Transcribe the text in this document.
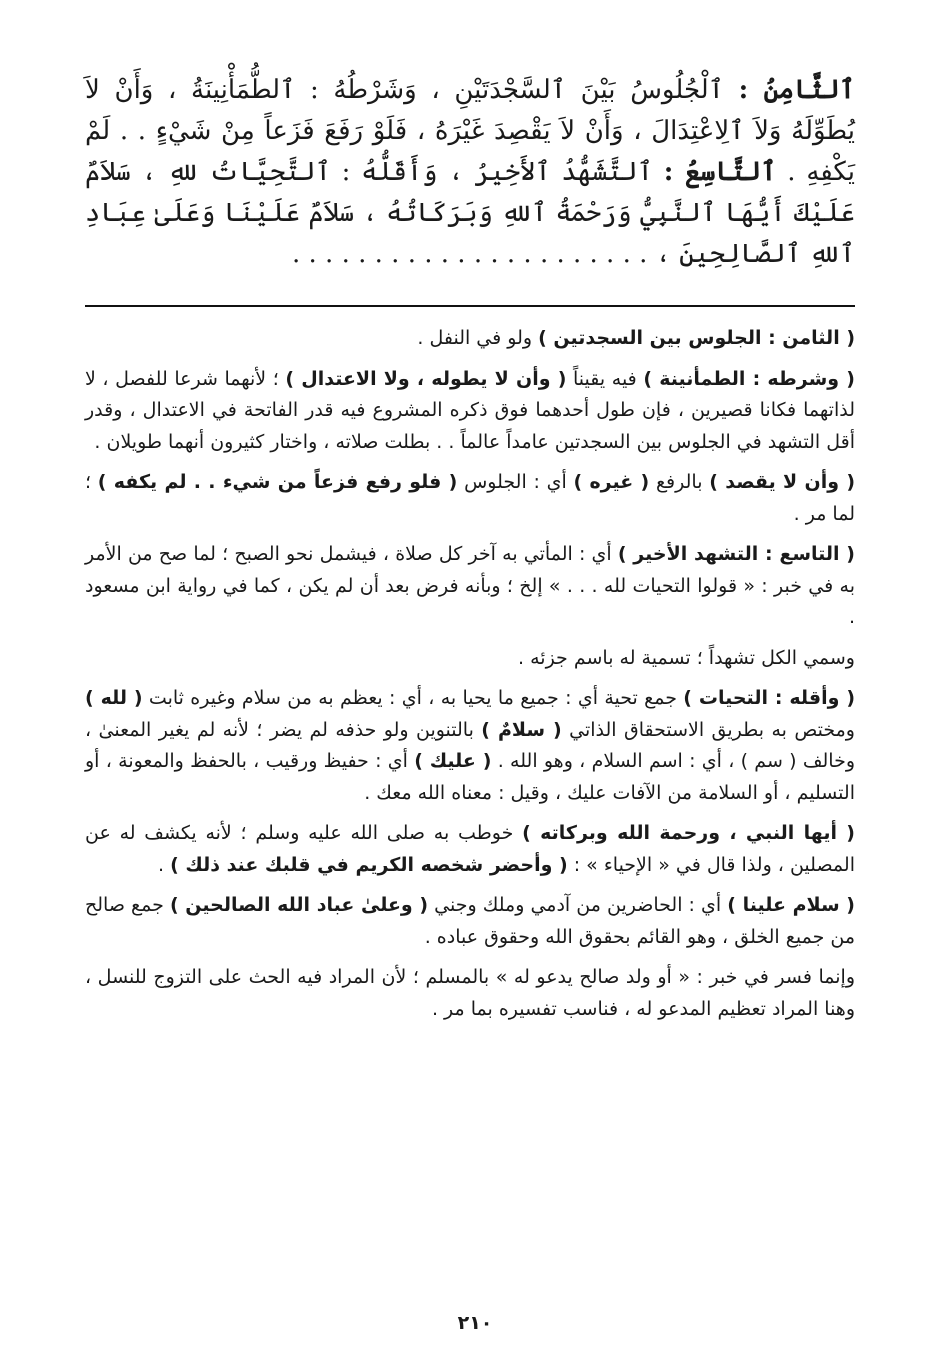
ٱلثَّامِنُ : ٱلْجُلُوسُ بَيْنَ ٱلسَّجْدَتَيْنِ ، وَشَرْطُهُ : ٱلطُّمَأْنِينَةُ ، وَأَنْ لاَ يُطَوِّلَهُ وَلاَ ٱلِاعْتِدَالَ ، وَأَنْ لاَ يَقْصِدَ غَيْرَهُ ، فَلَوْ رَفَعَ فَزَعاً مِنْ شَيْءٍ . . لَمْ يَكْفِهِ . ٱلتَّاسِعُ : ٱلتَّشَهُّدُ ٱلأَخِيرُ ، وَأَقَلُّهُ : ٱلتَّحِيَّاتُ للهِ ، سَلاَمٌ عَلَيْكَ أَيُّهَا ٱلنَّبِيُّ وَرَحْمَةُ ٱللهِ وَبَرَكَاتُهُ ، سَلاَمٌ عَلَيْنَا وَعَلَىٰ عِبَادِ ٱللهِ ٱلصَّالِحِينَ ، . . . . . . . . . . . . . . . . . . . . . .

( الثامن : الجلوس بين السجدتين ) ولو في النفل .

( وشرطه : الطمأنينة ) فيه يقيناً ( وأن لا يطوله ، ولا الاعتدال ) ؛ لأنهما شرعا للفصل ، لا لذاتهما فكانا قصيرين ، فإن طول أحدهما فوق ذكره المشروع فيه قدر الفاتحة في الاعتدال ، وقدر أقل التشهد في الجلوس بين السجدتين عامداً عالماً . . بطلت صلاته ، واختار كثيرون أنهما طويلان .

( وأن لا يقصد ) بالرفع ( غيره ) أي : الجلوس ( فلو رفع فزعاً من شيء . . لم يكفه ) ؛ لما مر .

( التاسع : التشهد الأخير ) أي : المأتي به آخر كل صلاة ، فيشمل نحو الصبح ؛ لما صح من الأمر به في خبر : « قولوا التحيات لله . . . » إلخ ؛ وبأنه فرض بعد أن لم يكن ، كما في رواية ابن مسعود .

وسمي الكل تشهداً ؛ تسمية له باسم جزئه .

( وأقله : التحيات ) جمع تحية أي : جميع ما يحيا به ، أي : يعظم به من سلام وغيره ثابت ( لله ) ومختص به بطريق الاستحقاق الذاتي ( سلامٌ ) بالتنوين ولو حذفه لم يضر ؛ لأنه لم يغير المعنىٰ ، وخالف ( سم ) ، أي : اسم السلام ، وهو الله . ( عليك ) أي : حفيظ ورقيب ، بالحفظ والمعونة ، أو التسليم ، أو السلامة من الآفات عليك ، وقيل : معناه الله معك .

( أيها النبي ، ورحمة الله وبركاته ) خوطب به صلى الله عليه وسلم ؛ لأنه يكشف له عن المصلين ، ولذا قال في « الإحياء » : ( وأحضر شخصه الكريم في قلبك عند ذلك ) .

( سلام علينا ) أي : الحاضرين من آدمي وملك وجني ( وعلىٰ عباد الله الصالحين ) جمع صالح من جميع الخلق ، وهو القائم بحقوق الله وحقوق عباده .

وإنما فسر في خبر : « أو ولد صالح يدعو له » بالمسلم ؛ لأن المراد فيه الحث على التزوج للنسل ، وهنا المراد تعظيم المدعو له ، فناسب تفسيره بما مر .

٢١٠
